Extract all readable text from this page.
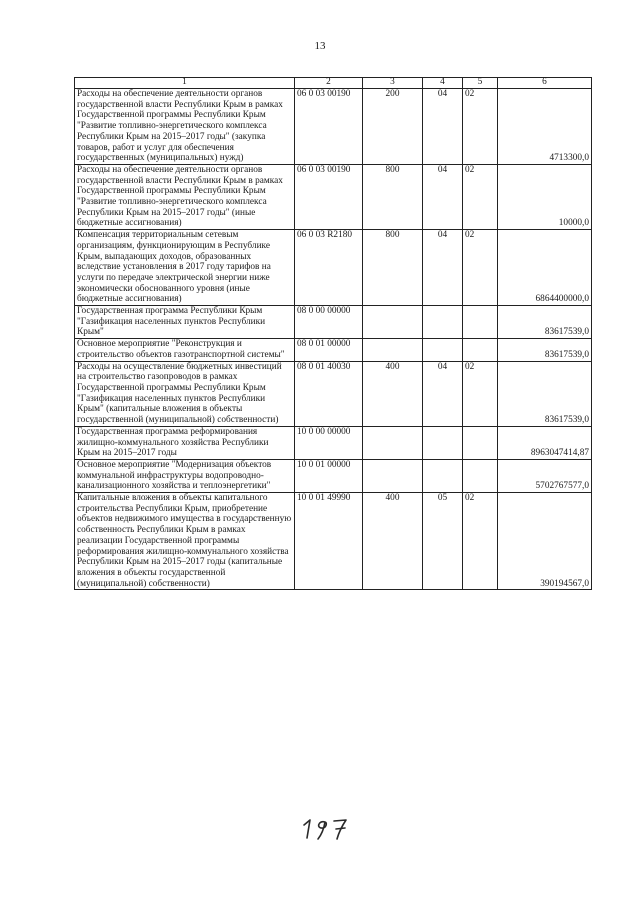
13
1	2	3	4	5	6
Расходы на обеспечение деятельности органов государственной власти Республики Крым в рамках Государственной программы Республики Крым "Развитие топливно-энергетического комплекса Республики Крым на 2015–2017 годы" (закупка товаров, работ и услуг для обеспечения государственных (муниципальных) нужд)	06 0 03 00190	200	04	02	4713300,0
Расходы на обеспечение деятельности органов государственной власти Республики Крым в рамках Государственной программы Республики Крым "Развитие топливно-энергетического комплекса Республики Крым на 2015–2017 годы" (иные бюджетные ассигнования)	06 0 03 00190	800	04	02	10000,0
Компенсация территориальным сетевым организациям, функционирующим в Республике Крым, выпадающих доходов, образованных вследствие установления в 2017 году тарифов на услуги по передаче электрической энергии ниже экономически обоснованного уровня (иные бюджетные ассигнования)	06 0 03 R2180	800	04	02	6864400000,0
Государственная программа Республики Крым "Газификация населенных пунктов Республики Крым"	08 0 00 00000				83617539,0
Основное мероприятие "Реконструкция и строительство объектов газотранспортной системы"	08 0 01 00000				83617539,0
Расходы на осуществление бюджетных инвестиций на строительство газопроводов в рамках Государственной программы Республики Крым "Газификация населенных пунктов Республики Крым" (капитальные вложения в объекты государственной (муниципальной) собственности)	08 0 01 40030	400	04	02	83617539,0
Государственная программа реформирования жилищно-коммунального хозяйства Республики Крым на 2015–2017 годы	10 0 00 00000				8963047414,87
Основное мероприятие "Модернизация объектов коммунальной инфраструктуры водопроводно-канализационного хозяйства и теплоэнергетики"	10 0 01 00000				5702767577,0
Капитальные вложения в объекты капитального строительства Республики Крым, приобретение объектов недвижимого имущества в государственную собственность Республики Крым в рамках реализации Государственной программы реформирования жилищно-коммунального хозяйства Республики Крым на 2015–2017 годы (капитальные вложения в объекты государственной (муниципальной) собственности)	10 0 01 49990	400	05	02	390194567,0
